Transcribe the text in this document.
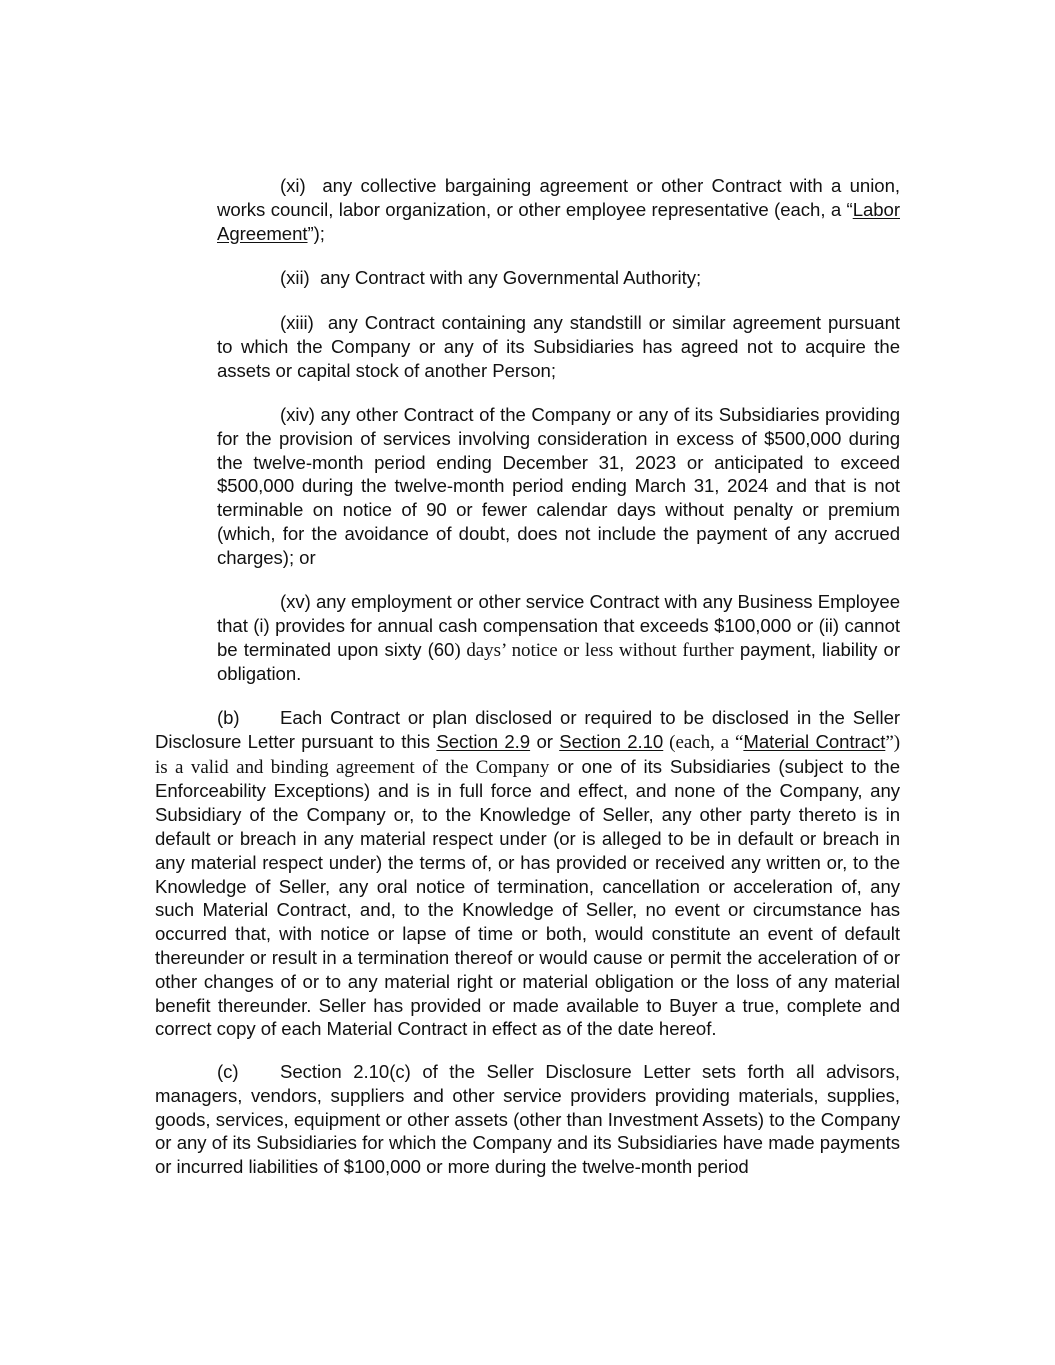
(xi) any collective bargaining agreement or other Contract with a union, works council, labor organization, or other employee representative (each, a “Labor Agreement”);

(xii) any Contract with any Governmental Authority;

(xiii) any Contract containing any standstill or similar agreement pursuant to which the Company or any of its Subsidiaries has agreed not to acquire the assets or capital stock of another Person;

(xiv) any other Contract of the Company or any of its Subsidiaries providing for the provision of services involving consideration in excess of $500,000 during the twelve-month period ending December 31, 2023 or anticipated to exceed $500,000 during the twelve-month period ending March 31, 2024 and that is not terminable on notice of 90 or fewer calendar days without penalty or premium (which, for the avoidance of doubt, does not include the payment of any accrued charges); or

(xv) any employment or other service Contract with any Business Employee that (i) provides for annual cash compensation that exceeds $100,000 or (ii) cannot be terminated upon sixty (60) days’ notice or less without further payment, liability or obligation.

(b) Each Contract or plan disclosed or required to be disclosed in the Seller Disclosure Letter pursuant to this Section 2.9 or Section 2.10 (each, a “Material Contract”) is a valid and binding agreement of the Company or one of its Subsidiaries (subject to the Enforceability Exceptions) and is in full force and effect, and none of the Company, any Subsidiary of the Company or, to the Knowledge of Seller, any other party thereto is in default or breach in any material respect under (or is alleged to be in default or breach in any material respect under) the terms of, or has provided or received any written or, to the Knowledge of Seller, any oral notice of termination, cancellation or acceleration of, any such Material Contract, and, to the Knowledge of Seller, no event or circumstance has occurred that, with notice or lapse of time or both, would constitute an event of default thereunder or result in a termination thereof or would cause or permit the acceleration of or other changes of or to any material right or material obligation or the loss of any material benefit thereunder. Seller has provided or made available to Buyer a true, complete and correct copy of each Material Contract in effect as of the date hereof.

(c) Section 2.10(c) of the Seller Disclosure Letter sets forth all advisors, managers, vendors, suppliers and other service providers providing materials, supplies, goods, services, equipment or other assets (other than Investment Assets) to the Company or any of its Subsidiaries for which the Company and its Subsidiaries have made payments or incurred liabilities of $100,000 or more during the twelve-month period
